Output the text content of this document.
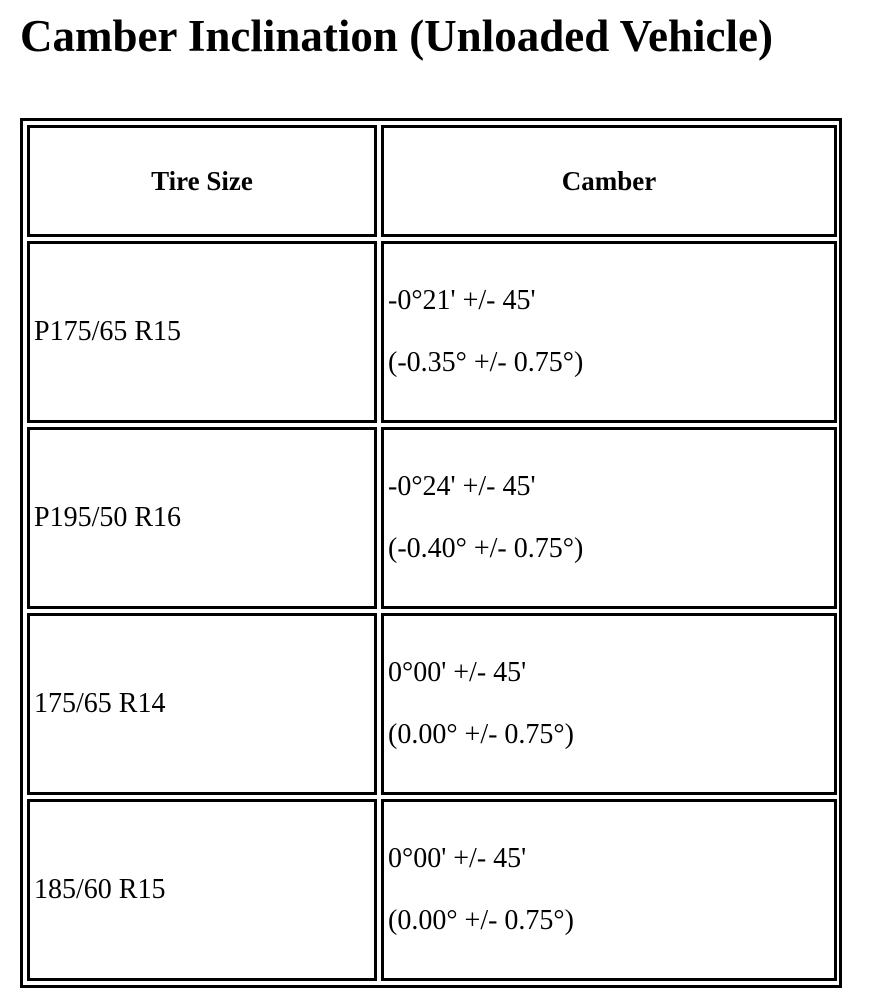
Camber Inclination (Unloaded Vehicle)
Tire Size	Camber
P175/65 R15
-0°21' +/- 45'
(-0.35° +/- 0.75°)
P195/50 R16
-0°24' +/- 45'
(-0.40° +/- 0.75°)
175/65 R14
0°00' +/- 45'
(0.00° +/- 0.75°)
185/60 R15
0°00' +/- 45'
(0.00° +/- 0.75°)
